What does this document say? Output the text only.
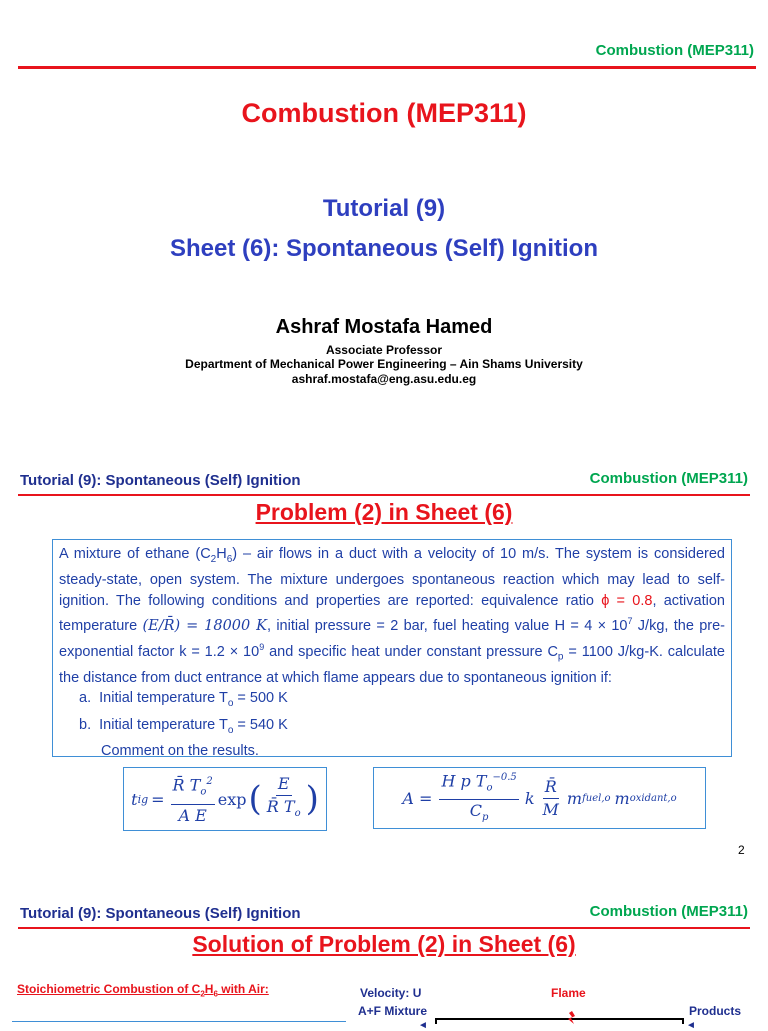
Combustion (MEP311)
Combustion (MEP311)
Tutorial (9)
Sheet (6): Spontaneous (Self) Ignition
Ashraf Mostafa Hamed
Associate Professor
Department of Mechanical Power Engineering – Ain Shams University
ashraf.mostafa@eng.asu.edu.eg
Tutorial (9): Spontaneous (Self) Ignition	Combustion (MEP311)
Problem (2) in Sheet (6)
A mixture of ethane $(C_2H_6)$ – air flows in a duct with a velocity of 10 m/s. The system is considered steady-state, open system. The mixture undergoes spontaneous reaction which may lead to self- ignition. The following conditions and properties are reported: equivalence ratio ϕ = 0.8, activation temperature (E/R̄) = 18000 K, initial pressure = 2 bar, fuel heating value $H = 4 \times 10^7$ J/kg, the pre-exponential factor $k = 1.2 \times 10^9$ and specific heat under constant pressure $C_p = 1100$ J/kg-K. calculate the distance from duct entrance at which flame appears due to spontaneous ignition if:
a. Initial temperature $T_o = 500$ K
b. Initial temperature $T_o = 540$ K
Comment on the results.
t ig = $\frac{R̄ T_o^2}{\text{A E}}$ exp ( $\frac{E}{R̄ T_o}$ )	$A = \frac{H p T_o^{-0.5}}{C_p}$ k $\frac{R̄}{M}$ m fuel,o m oxidant,o
2
Tutorial (9): Spontaneous (Self) Ignition	Combustion (MEP311)
Solution of Problem (2) in Sheet (6)
Stoichiometric Combustion of $C_2H_6$ with Air:	Velocity: U
A+F Mixture
Flame
Products
◄	◄
